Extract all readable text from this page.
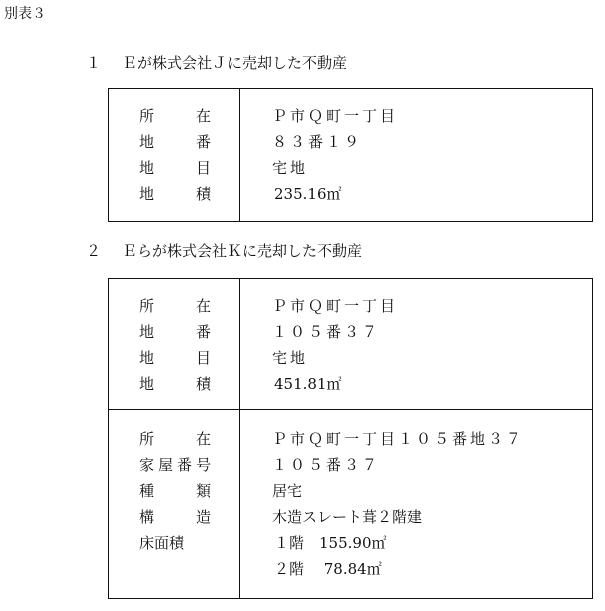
別表３
１ Ｅが株式会社Ｊに売却した不動産
所　　在	Ｐ市Ｑ町一丁目
地　　番	８３番１９
地　　目	宅地
地　　積	235.16㎡
２ Ｅらが株式会社Ｋに売却した不動産
所　　在	Ｐ市Ｑ町一丁目
地　　番	１０５番３７
地　　目	宅地
地　　積	451.81㎡
所　　在	Ｐ市Ｑ町一丁目１０５番地３７
家屋番号	１０５番３７
種　　類	居宅
構　　造	木造スレート葺２階建
床面積	１階　155.90㎡
２階　 78.84㎡
